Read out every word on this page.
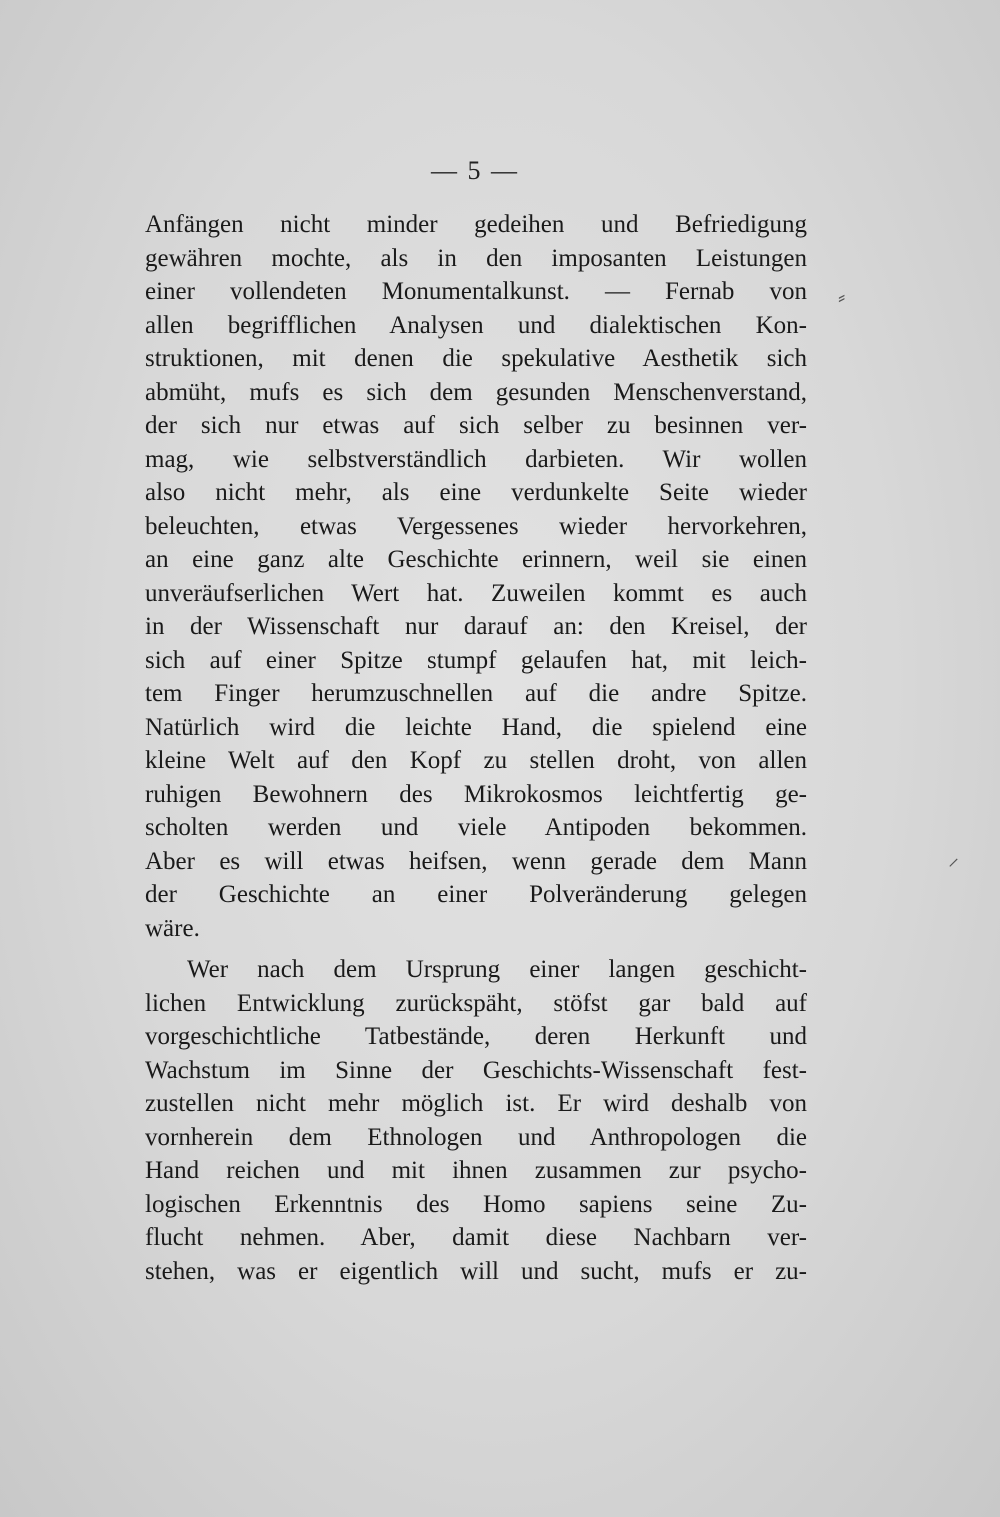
— 5 —
Anfängen nicht minder gedeihen und Befriedigung
gewähren mochte, als in den imposanten Leistungen
einer vollendeten Monumentalkunst. — Fernab von
allen begrifflichen Analysen und dialektischen Kon-
struktionen, mit denen die spekulative Aesthetik sich
abmüht, mufs es sich dem gesunden Menschenverstand,
der sich nur etwas auf sich selber zu besinnen ver-
mag, wie selbstverständlich darbieten. Wir wollen
also nicht mehr, als eine verdunkelte Seite wieder
beleuchten, etwas Vergessenes wieder hervorkehren,
an eine ganz alte Geschichte erinnern, weil sie einen
unveräufserlichen Wert hat. Zuweilen kommt es auch
in der Wissenschaft nur darauf an: den Kreisel, der
sich auf einer Spitze stumpf gelaufen hat, mit leich-
tem Finger herumzuschnellen auf die andre Spitze.
Natürlich wird die leichte Hand, die spielend eine
kleine Welt auf den Kopf zu stellen droht, von allen
ruhigen Bewohnern des Mikrokosmos leichtfertig ge-
scholten werden und viele Antipoden bekommen.
Aber es will etwas heifsen, wenn gerade dem Mann
der Geschichte an einer Polveränderung gelegen
wäre.
Wer nach dem Ursprung einer langen geschicht-
lichen Entwicklung zurückspäht, stöfst gar bald auf
vorgeschichtliche Tatbestände, deren Herkunft und
Wachstum im Sinne der Geschichts-Wissenschaft fest-
zustellen nicht mehr möglich ist. Er wird deshalb von
vornherein dem Ethnologen und Anthropologen die
Hand reichen und mit ihnen zusammen zur psycho-
logischen Erkenntnis des Homo sapiens seine Zu-
flucht nehmen. Aber, damit diese Nachbarn ver-
stehen, was er eigentlich will und sucht, mufs er zu-
⸗
⸝
